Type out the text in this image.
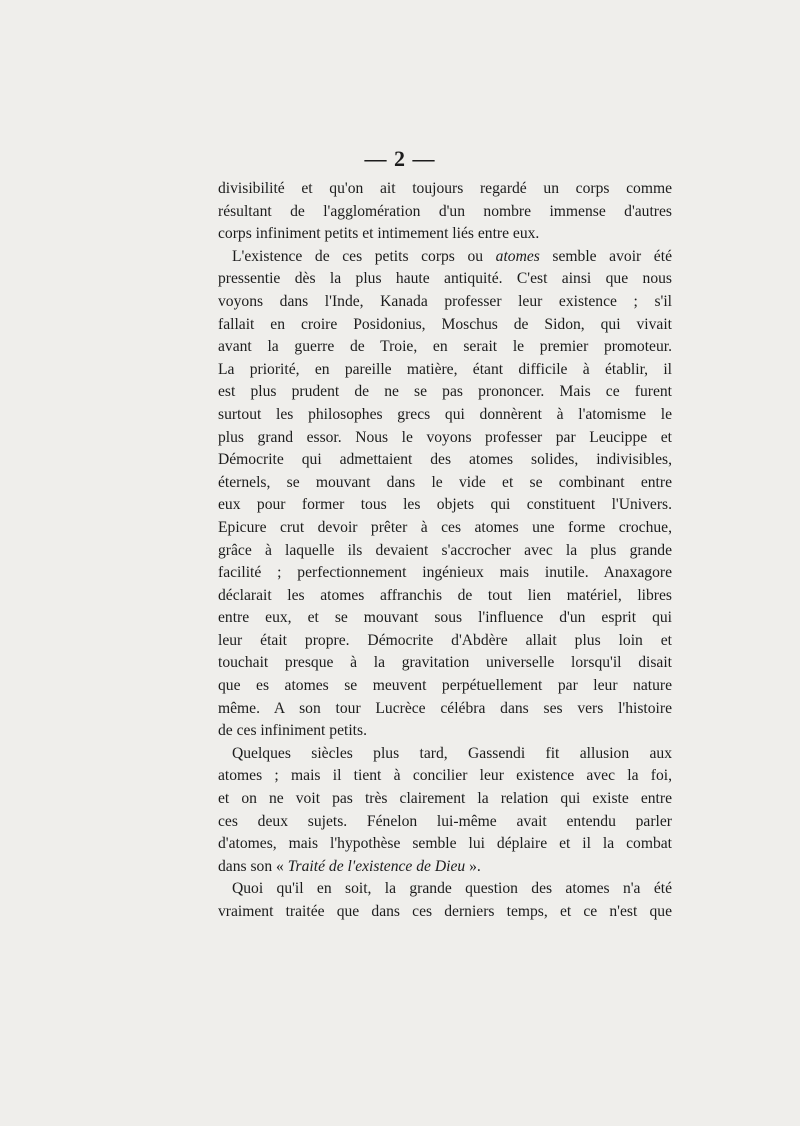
— 2 —
divisibilité et qu'on ait toujours regardé un corps comme
résultant de l'agglomération d'un nombre immense d'autres
corps infiniment petits et intimement liés entre eux.
L'existence de ces petits corps ou atomes semble avoir été
pressentie dès la plus haute antiquité. C'est ainsi que nous
voyons dans l'Inde, Kanada professer leur existence ; s'il
fallait en croire Posidonius, Moschus de Sidon, qui vivait
avant la guerre de Troie, en serait le premier promoteur.
La priorité, en pareille matière, étant difficile à établir, il
est plus prudent de ne se pas prononcer. Mais ce furent
surtout les philosophes grecs qui donnèrent à l'atomisme le
plus grand essor. Nous le voyons professer par Leucippe et
Démocrite qui admettaient des atomes solides, indivisibles,
éternels, se mouvant dans le vide et se combinant entre
eux pour former tous les objets qui constituent l'Univers.
Epicure crut devoir prêter à ces atomes une forme crochue,
grâce à laquelle ils devaient s'accrocher avec la plus grande
facilité ; perfectionnement ingénieux mais inutile. Anaxagore
déclarait les atomes affranchis de tout lien matériel, libres
entre eux, et se mouvant sous l'influence d'un esprit qui
leur était propre. Démocrite d'Abdère allait plus loin et
touchait presque à la gravitation universelle lorsqu'il disait
que es atomes se meuvent perpétuellement par leur nature
même. A son tour Lucrèce célébra dans ses vers l'histoire
de ces infiniment petits.
Quelques siècles plus tard, Gassendi fit allusion aux
atomes ; mais il tient à concilier leur existence avec la foi,
et on ne voit pas très clairement la relation qui existe entre
ces deux sujets. Fénelon lui-même avait entendu parler
d'atomes, mais l'hypothèse semble lui déplaire et il la combat
dans son « Traité de l'existence de Dieu ».
Quoi qu'il en soit, la grande question des atomes n'a été
vraiment traitée que dans ces derniers temps, et ce n'est que
